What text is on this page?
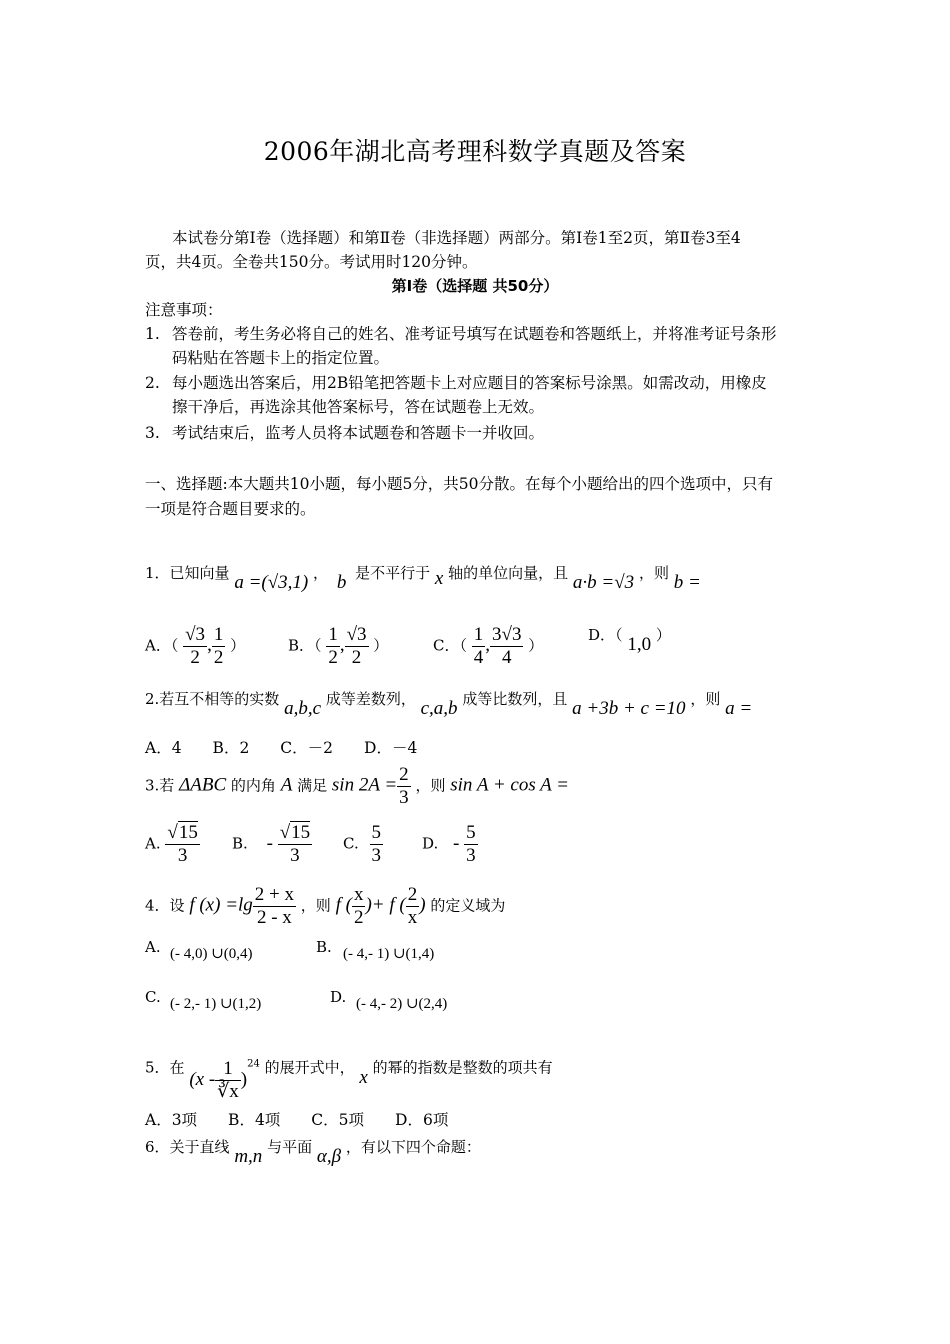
2006年湖北高考理科数学真题及答案
本试卷分第Ⅰ卷（选择题）和第Ⅱ卷（非选择题）两部分。第Ⅰ卷1至2页，第Ⅱ卷3至4
页，共4页。全卷共150分。考试用时120分钟。
第Ⅰ卷（选择题 共50分）
注意事项：
1. 答卷前，考生务必将自己的姓名、准考证号填写在试题卷和答题纸上，并将准考证号条形
码粘贴在答题卡上的指定位置。
2. 每小题选出答案后，用2B铅笔把答题卡上对应题目的答案标号涂黑。如需改动，用橡皮
擦干净后，再选涂其他答案标号，答在试题卷上无效。
3. 考试结束后，监考人员将本试题卷和答题卡一并收回。
一、选择题:本大题共10小题，每小题5分，共50分散。在每个小题给出的四个选项中，只有
一项是符合题目要求的。
1．已知向量 a =(√3,1) ， b 是不平行于 x 轴的单位向量，且 a·b =√3 ，则 b =
A．（ $\frac{√3}{2}$ , $\frac{1}{2}$ ）	B．（ $\frac{1}{2}$ , $\frac{√3}{2}$ ）	C．（ $\frac{1}{4}$ , $\frac{3√3}{4}$ ）
D．（ 1,0 ）
2.若互不相等的实数 a,b,c 成等差数列， c,a,b 成等比数列，且 a +3b + c =10 ，则 a =
A．4　　B．2　　C．－2　　D．－4
3.若 ΔABC 的内角 A 满足 $\sin 2A = \frac{2}{3}$ ，则 sin A + cos A =
A. $\frac{√15}{3} B$. - $\frac{√15}{3} C$. $\frac{5}{3}$	D. - $\frac{5}{3}$
4．设 f $(x) =\lg \frac{2 + x}{2 - x}$ ，则 f ( $\frac{x}{2}$ )+ f ( $\frac{2}{x}$ ) 的定义域为
A. (- 4,0) ∪(0,4)	B. (- 4,- 1) ∪(1,4)
C. (- 2,- 1) ∪(1,2)	D. (- 4,- 2) ∪(2,4)
5．在 $(x - \frac{1}{∛x} )^{24}$ 的展开式中， x 的幂的指数是整数的项共有
A．3项　　B．4项　　C．5项　　D．6项
6．关于直线 m,n 与平面 α,β ，有以下四个命题：
